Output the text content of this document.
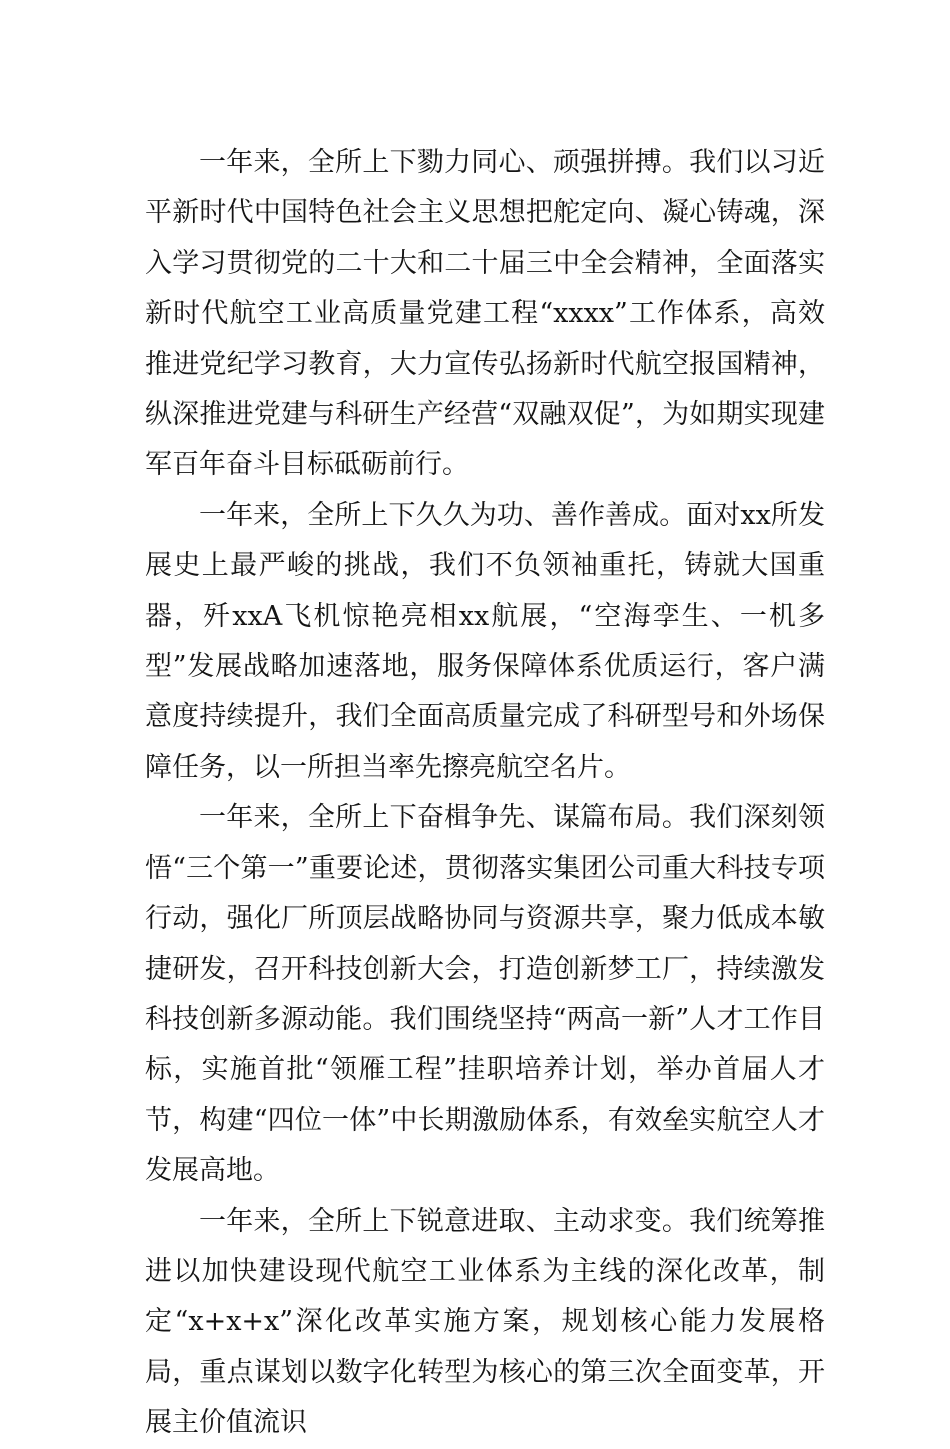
一年来，全所上下勠力同心、顽强拼搏。我们以习近平新时代中国特色社会主义思想把舵定向、凝心铸魂，深入学习贯彻党的二十大和二十届三中全会精神，全面落实新时代航空工业高质量党建工程“xxxx”工作体系，高效推进党纪学习教育，大力宣传弘扬新时代航空报国精神，纵深推进党建与科研生产经营“双融双促”，为如期实现建军百年奋斗目标砥砺前行。

一年来，全所上下久久为功、善作善成。面对xx所发展史上最严峻的挑战，我们不负领袖重托，铸就大国重器，歼xxA飞机惊艳亮相xx航展，“空海孪生、一机多型”发展战略加速落地，服务保障体系优质运行，客户满意度持续提升，我们全面高质量完成了科研型号和外场保障任务，以一所担当率先擦亮航空名片。

一年来，全所上下奋楫争先、谋篇布局。我们深刻领悟“三个第一”重要论述，贯彻落实集团公司重大科技专项行动，强化厂所顶层战略协同与资源共享，聚力低成本敏捷研发，召开科技创新大会，打造创新梦工厂，持续激发科技创新多源动能。我们围绕坚持“两高一新”人才工作目标，实施首批“领雁工程”挂职培养计划，举办首届人才节，构建“四位一体”中长期激励体系，有效垒实航空人才发展高地。

一年来，全所上下锐意进取、主动求变。我们统筹推进以加快建设现代航空工业体系为主线的深化改革，制定“x+x+x”深化改革实施方案，规划核心能力发展格局，重点谋划以数字化转型为核心的第三次全面变革，开展主价值流识
